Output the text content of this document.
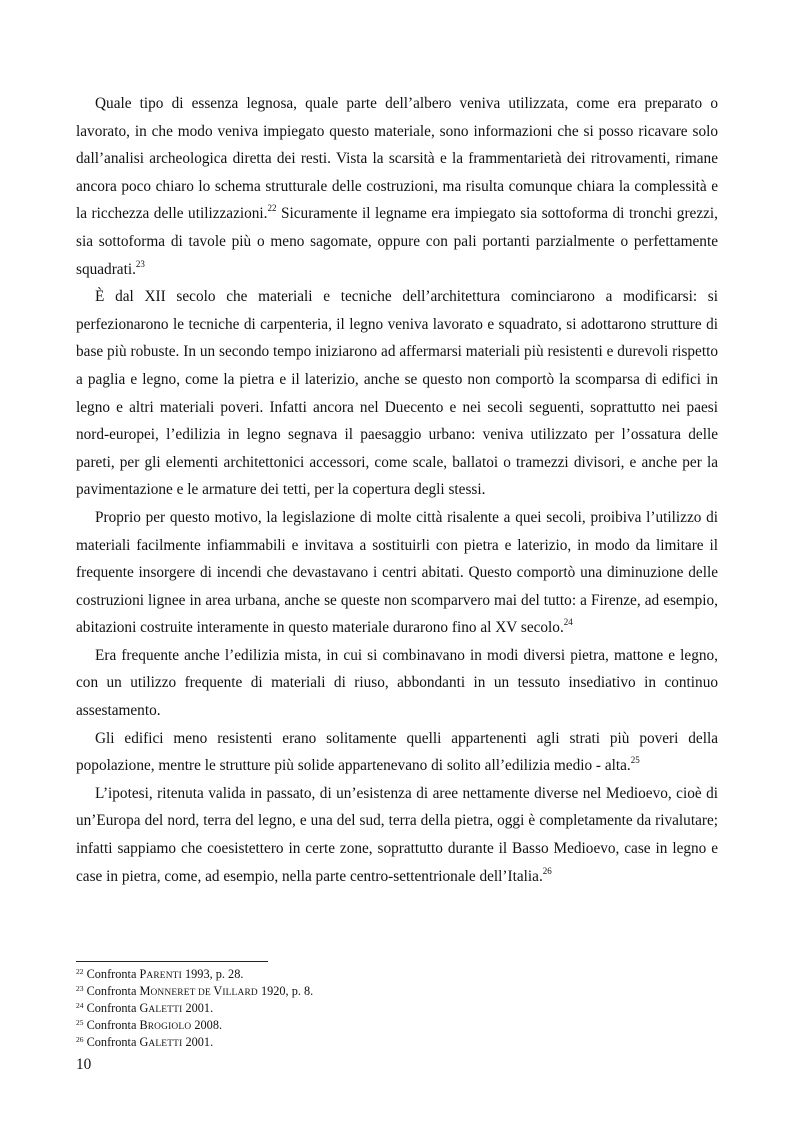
Quale tipo di essenza legnosa, quale parte dell’albero veniva utilizzata, come era preparato o lavorato, in che modo veniva impiegato questo materiale, sono informazioni che si posso ricavare solo dall’analisi archeologica diretta dei resti. Vista la scarsità e la frammentarietà dei ritrovamenti, rimane ancora poco chiaro lo schema strutturale delle costruzioni, ma risulta comunque chiara la complessità e la ricchezza delle utilizzazioni.$^{22}$ Sicuramente il legname era impiegato sia sottoforma di tronchi grezzi, sia sottoforma di tavole più o meno sagomate, oppure con pali portanti parzialmente o perfettamente squadrati.$^{23}$

È dal XII secolo che materiali e tecniche dell’architettura cominciarono a modificarsi: si perfezionarono le tecniche di carpenteria, il legno veniva lavorato e squadrato, si adottarono strutture di base più robuste. In un secondo tempo iniziarono ad affermarsi materiali più resistenti e durevoli rispetto a paglia e legno, come la pietra e il laterizio, anche se questo non comportò la scomparsa di edifici in legno e altri materiali poveri. Infatti ancora nel Duecento e nei secoli seguenti, soprattutto nei paesi nord-europei, l’edilizia in legno segnava il paesaggio urbano: veniva utilizzato per l’ossatura delle pareti, per gli elementi architettonici accessori, come scale, ballatoi o tramezzi divisori, e anche per la pavimentazione e le armature dei tetti, per la copertura degli stessi.

Proprio per questo motivo, la legislazione di molte città risalente a quei secoli, proibiva l’utilizzo di materiali facilmente infiammabili e invitava a sostituirli con pietra e laterizio, in modo da limitare il frequente insorgere di incendi che devastavano i centri abitati. Questo comportò una diminuzione delle costruzioni lignee in area urbana, anche se queste non scomparvero mai del tutto: a Firenze, ad esempio, abitazioni costruite interamente in questo materiale durarono fino al XV secolo.$^{24}$

Era frequente anche l’edilizia mista, in cui si combinavano in modi diversi pietra, mattone e legno, con un utilizzo frequente di materiali di riuso, abbondanti in un tessuto insediativo in continuo assestamento.

Gli edifici meno resistenti erano solitamente quelli appartenenti agli strati più poveri della popolazione, mentre le strutture più solide appartenevano di solito all’edilizia medio - alta.$^{25}$

L’ipotesi, ritenuta valida in passato, di un’esistenza di aree nettamente diverse nel Medioevo, cioè di un’Europa del nord, terra del legno, e una del sud, terra della pietra, oggi è completamente da rivalutare; infatti sappiamo che coesistettero in certe zone, soprattutto durante il Basso Medioevo, case in legno e case in pietra, come, ad esempio, nella parte centro-settentrionale dell’Italia.$^{26}$

$^{22}$ Confronta PARENTI 1993, p. 28.

$^{23}$ Confronta MONNERET DE VILLARD 1920, p. 8.

$^{24}$ Confronta GALETTI 2001.

$^{25}$ Confronta BROGIOLO 2008.

$^{26}$ Confronta GALETTI 2001.

10
